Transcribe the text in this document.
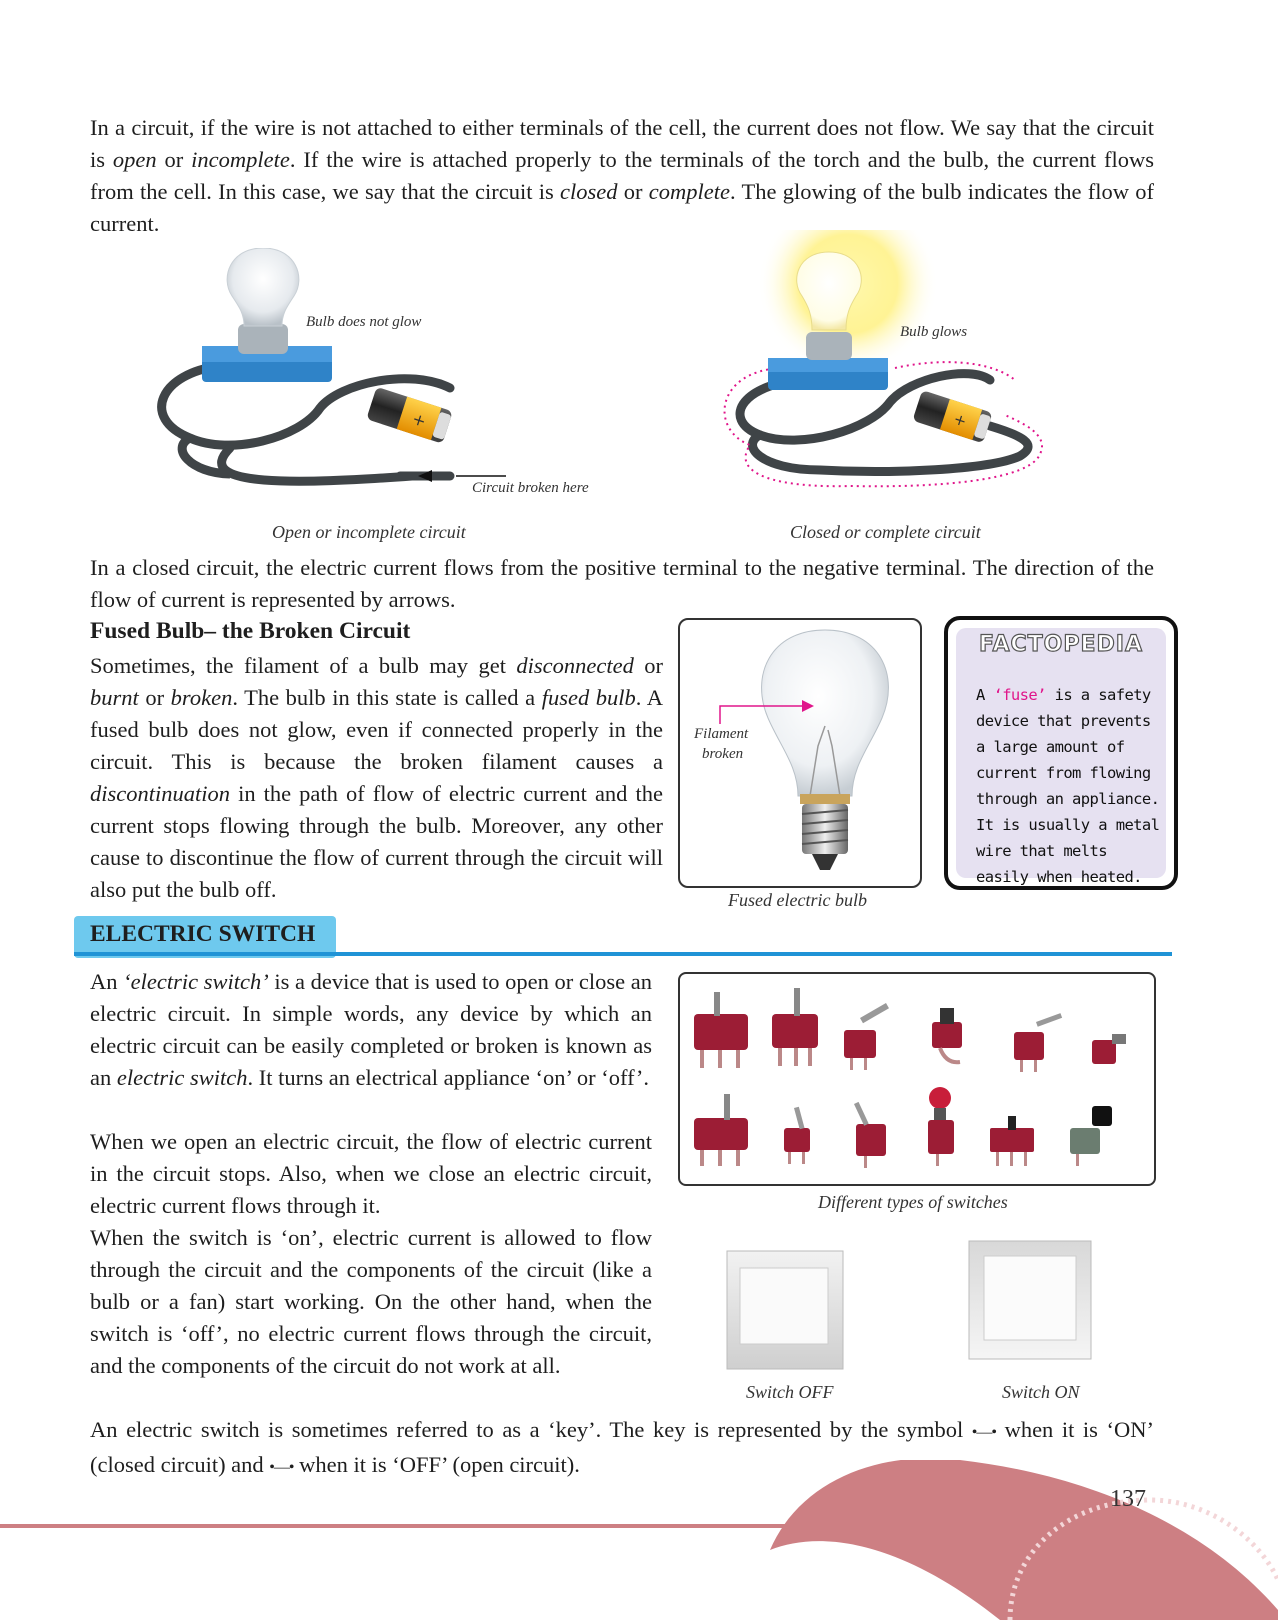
In a circuit, if the wire is not attached to either terminals of the cell, the current does not flow. We say that the circuit is open or incomplete. If the wire is attached properly to the terminals of the torch and the bulb, the current flows from the cell. In this case, we say that the circuit is closed or complete. The glowing of the bulb indicates the flow of current.

+
Bulb does not glow
Circuit broken here
Open or incomplete circuit
+
Bulb glows
Closed or complete circuit

In a closed circuit, the electric current flows from the positive terminal to the negative terminal. The direction of the flow of current is represented by arrows.

Fused Bulb– the Broken Circuit

Sometimes, the filament of a bulb may get disconnected or burnt or broken. The bulb in this state is called a fused bulb. A fused bulb does not glow, even if connected properly in the circuit. This is because the broken filament causes a discontinuation in the path of flow of electric current and the current stops flowing through the bulb. Moreover, any other cause to discontinue the flow of current through the circuit will also put the bulb off.

Filament
broken
Fused electric bulb
FACTOPEDIA
A ‘fuse’ is a safety device that prevents a large amount of current from flowing through an appliance. It is usually a metal wire that melts easily when heated.
ELECTRIC SWITCH

An ‘electric switch’ is a device that is used to open or close an electric circuit. In simple words, any device by which an electric circuit can be easily completed or broken is known as an electric switch. It turns an electrical appliance ‘on’ or ‘off’.

When we open an electric circuit, the flow of electric current in the circuit stops. Also, when we close an electric circuit, electric current flows through it.

When the switch is ‘on’, electric current is allowed to flow through the circuit and the components of the circuit (like a bulb or a fan) start working. On the other hand, when the switch is ‘off’, no electric current flows through the circuit, and the components of the circuit do not work at all.

Different types of switches
Switch OFF	Switch ON

An electric switch is sometimes referred to as a ‘key’. The key is represented by the symbol •—• when it is ‘ON’ (closed circuit) and •—• when it is ‘OFF’ (open circuit).

137
